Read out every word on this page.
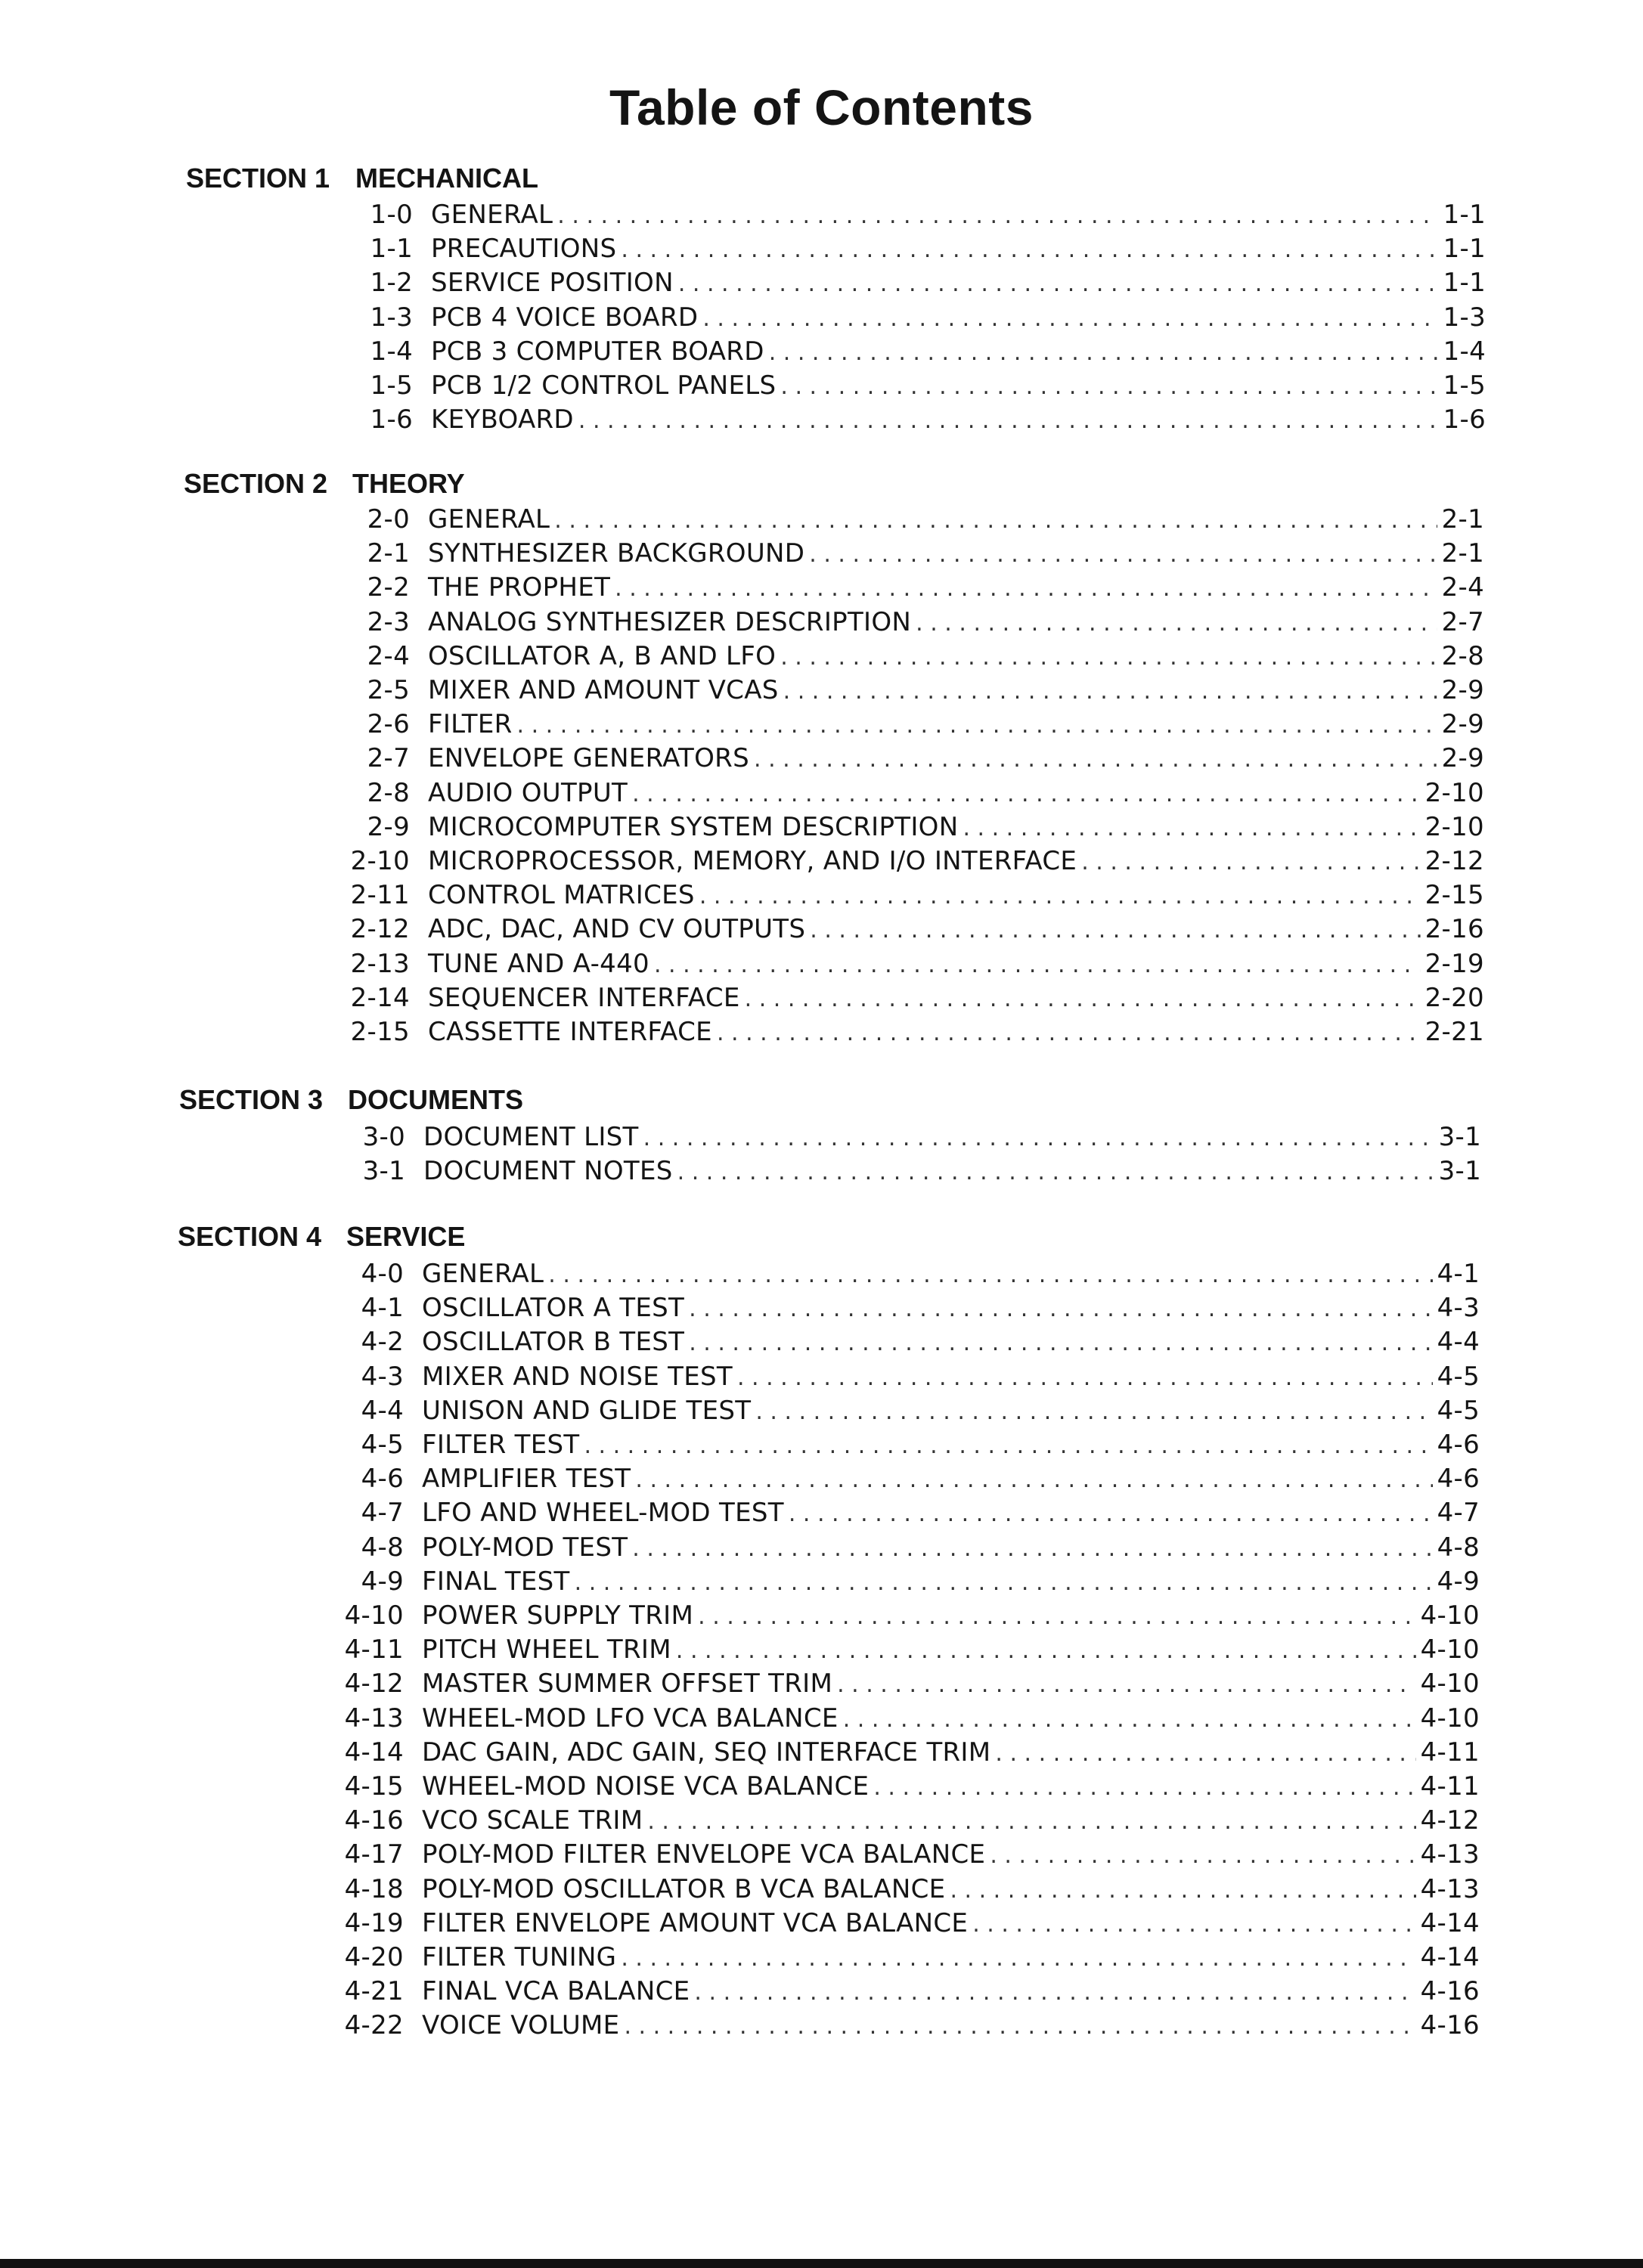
Table of Contents
SECTION 1 MECHANICAL
1-0 GENERAL . . .	1-1
1-1 PRECAUTIONS . . .	1-1
1-2 SERVICE POSITION . . .	1-1
1-3 PCB 4 VOICE BOARD . . .	1-3
1-4 PCB 3 COMPUTER BOARD . . .	1-4
1-5 PCB 1/2 CONTROL PANELS . . .	1-5
1-6 KEYBOARD . . .	1-6
SECTION 2 THEORY
2-0 GENERAL . . .	2-1
2-1 SYNTHESIZER BACKGROUND . . .	2-1
2-2 THE PROPHET . . .	2-4
2-3 ANALOG SYNTHESIZER DESCRIPTION . . .	2-7
2-4 OSCILLATOR A, B AND LFO . . .	2-8
2-5 MIXER AND AMOUNT VCAS . . .	2-9
2-6 FILTER . . .	2-9
2-7 ENVELOPE GENERATORS . . .	2-9
2-8 AUDIO OUTPUT . . .	2-10
2-9 MICROCOMPUTER SYSTEM DESCRIPTION . . .	2-10
2-10 MICROPROCESSOR, MEMORY, AND I/O INTERFACE . . .	2-12
2-11 CONTROL MATRICES . . .	2-15
2-12 ADC, DAC, AND CV OUTPUTS . . .	2-16
2-13 TUNE AND A-440 . . .	2-19
2-14 SEQUENCER INTERFACE . . .	2-20
2-15 CASSETTE INTERFACE . . .	2-21
SECTION 3 DOCUMENTS
3-0 DOCUMENT LIST . . .	3-1
3-1 DOCUMENT NOTES . . .	3-1
SECTION 4 SERVICE
4-0 GENERAL . . .	4-1
4-1 OSCILLATOR A TEST . . .	4-3
4-2 OSCILLATOR B TEST . . .	4-4
4-3 MIXER AND NOISE TEST . . .	4-5
4-4 UNISON AND GLIDE TEST . . .	4-5
4-5 FILTER TEST . . .	4-6
4-6 AMPLIFIER TEST . . .	4-6
4-7 LFO AND WHEEL-MOD TEST . . .	4-7
4-8 POLY-MOD TEST . . .	4-8
4-9 FINAL TEST . . .	4-9
4-10 POWER SUPPLY TRIM . . .	4-10
4-11 PITCH WHEEL TRIM . . .	4-10
4-12 MASTER SUMMER OFFSET TRIM . . .	4-10
4-13 WHEEL-MOD LFO VCA BALANCE . . .	4-10
4-14 DAC GAIN, ADC GAIN, SEQ INTERFACE TRIM . . .	4-11
4-15 WHEEL-MOD NOISE VCA BALANCE . . .	4-11
4-16 VCO SCALE TRIM . . .	4-12
4-17 POLY-MOD FILTER ENVELOPE VCA BALANCE . . .	4-13
4-18 POLY-MOD OSCILLATOR B VCA BALANCE . . .	4-13
4-19 FILTER ENVELOPE AMOUNT VCA BALANCE . . .	4-14
4-20 FILTER TUNING . . .	4-14
4-21 FINAL VCA BALANCE . . .	4-16
4-22 VOICE VOLUME . . .	4-16
